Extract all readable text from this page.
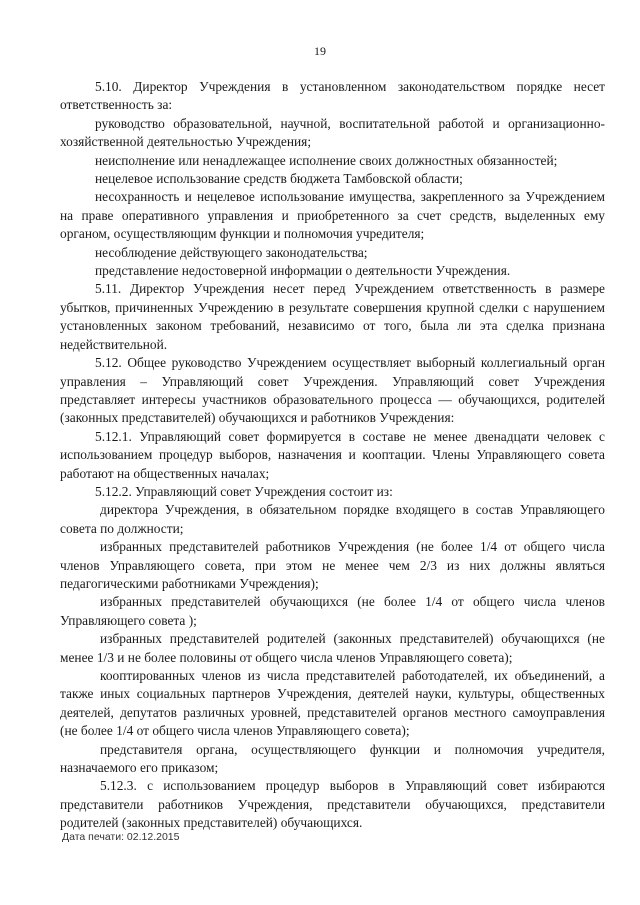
19

5.10. Директор Учреждения в установленном законодательством порядке несет ответственность за:

руководство образовательной, научной, воспитательной работой и организационно-хозяйственной деятельностью Учреждения;

неисполнение или ненадлежащее исполнение своих должностных обязанностей;

нецелевое использование средств бюджета Тамбовской области;

несохранность и нецелевое использование имущества, закрепленного за Учреждением на праве оперативного управления и приобретенного за счет средств, выделенных ему органом, осуществляющим функции и полномочия учредителя;

несоблюдение действующего законодательства;

представление недостоверной информации о деятельности Учреждения.

5.11. Директор Учреждения несет перед Учреждением ответственность в размере убытков, причиненных Учреждению в результате совершения крупной сделки с нарушением установленных законом требований, независимо от того, была ли эта сделка признана недействительной.

5.12. Общее руководство Учреждением осуществляет выборный коллегиальный орган управления – Управляющий совет Учреждения. Управляющий совет Учреждения представляет интересы участников образовательного процесса — обучающихся, родителей (законных представителей) обучающихся и работников Учреждения:

5.12.1. Управляющий совет формируется в составе не менее двенадцати человек с использованием процедур выборов, назначения и кооптации. Члены Управляющего совета работают на общественных началах;

5.12.2. Управляющий совет Учреждения состоит из:

директора Учреждения, в обязательном порядке входящего в состав Управляющего совета по должности;

избранных представителей работников Учреждения (не более 1/4 от общего числа членов Управляющего совета, при этом не менее чем 2/3 из них должны являться педагогическими работниками Учреждения);

избранных представителей обучающихся (не более 1/4 от общего числа членов Управляющего совета );

избранных представителей родителей (законных представителей) обучающихся (не менее 1/3 и не более половины от общего числа членов Управляющего совета);

кооптированных членов из числа представителей работодателей, их объединений, а также иных социальных партнеров Учреждения, деятелей науки, культуры, общественных деятелей, депутатов различных уровней, представителей органов местного самоуправления (не более 1/4 от общего числа членов Управляющего совета);

представителя органа, осуществляющего функции и полномочия учредителя, назначаемого его приказом;

5.12.3. с использованием процедур выборов в Управляющий совет избираются представители работников Учреждения, представители обучающихся, представители родителей (законных представителей) обучающихся.

Дата печати: 02.12.2015
